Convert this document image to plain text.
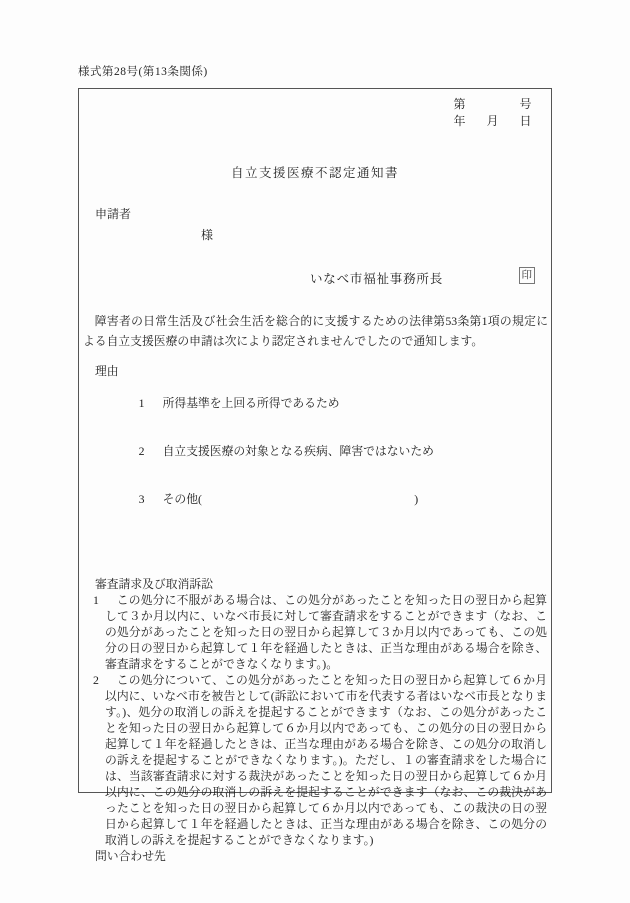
様式第28号(第13条関係)
第	号
年 月 日
自立支援医療不認定通知書
申請者
様
いなべ市福祉事務所長	印
障害者の日常生活及び社会生活を総合的に支援するための法律第53条第1項の規定による自立支援医療の申請は次により認定されませんでしたので通知します。
理由

1 所得基準を上回る所得であるため

2 自立支援医療の対象となる疾病、障害ではないため

3 その他(　　　　　　　　　　　　　　　　　　)

審査請求及び取消訴訟
1	この処分に不服がある場合は、この処分があったことを知った日の翌日から起算して３か月以内に、いなべ市長に対して審査請求をすることができます（なお、この処分があったことを知った日の翌日から起算して３か月以内であっても、この処分の日の翌日から起算して１年を経過したときは、正当な理由がある場合を除き、審査請求をすることができなくなります。)。
2	この処分について、この処分があったことを知った日の翌日から起算して６か月以内に、いなべ市を被告として(訴訟において市を代表する者はいなべ市長となります。)、処分の取消しの訴えを提起することができます（なお、この処分があったことを知った日の翌日から起算して６か月以内であっても、この処分の日の翌日から起算して１年を経過したときは、正当な理由がある場合を除き、この処分の取消しの訴えを提起することができなくなります。)。ただし、１の審査請求をした場合には、当該審査請求に対する裁決があったことを知った日の翌日から起算して６か月以内に、この処分の取消しの訴えを提起することができます（なお、この裁決があったことを知った日の翌日から起算して６か月以内であっても、この裁決の日の翌日から起算して１年を経過したときは、正当な理由がある場合を除き、この処分の取消しの訴えを提起することができなくなります。)
問い合わせ先
